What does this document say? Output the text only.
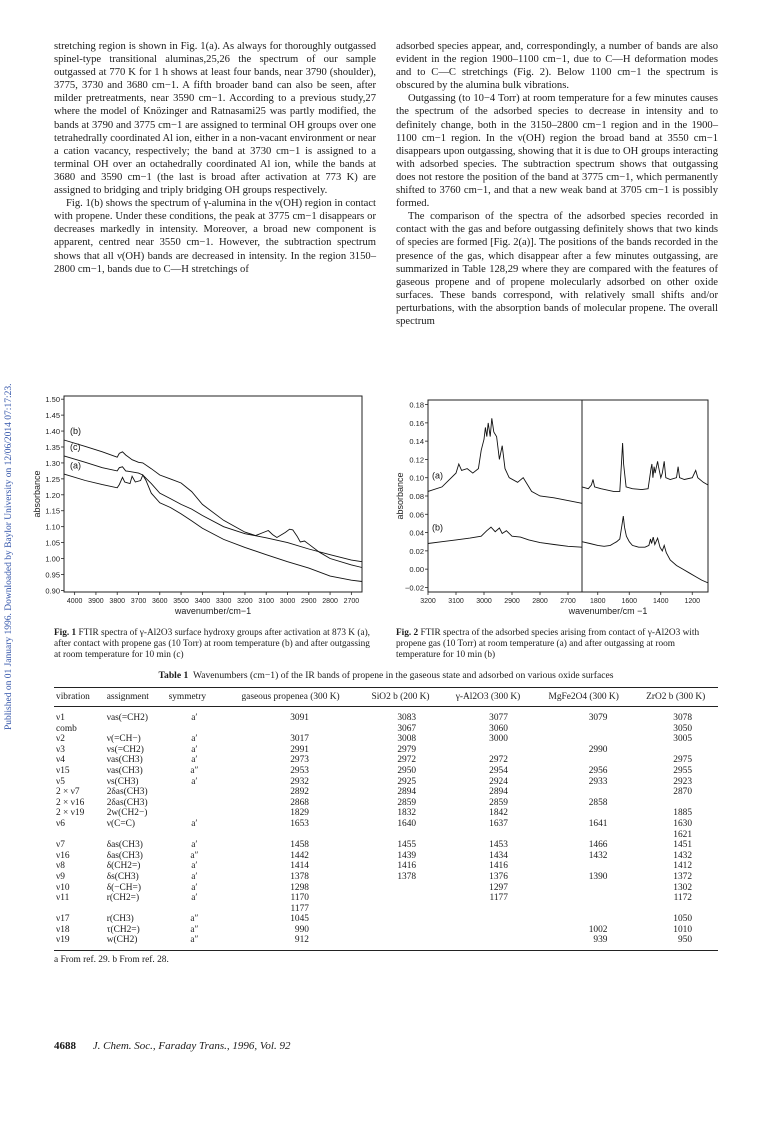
Published on 01 January 1996. Downloaded by Baylor University on 12/06/2014 07:17:23.

stretching region is shown in Fig. 1(a). As always for thoroughly outgassed spinel-type transitional aluminas,25,26 the spectrum of our sample outgassed at 770 K for 1 h shows at least four bands, near 3790 (shoulder), 3775, 3730 and 3680 cm−1. A fifth broader band can also be seen, after milder pretreatments, near 3590 cm−1. According to a previous study,27 where the model of Knözinger and Ratnasami25 was partly modified, the bands at 3790 and 3775 cm−1 are assigned to terminal OH groups over one tetrahedrally coordinated Al ion, either in a non-vacant environment or near a cation vacancy, respectively; the band at 3730 cm−1 is assigned to a terminal OH over an octahedrally coordinated Al ion, while the bands at 3680 and 3590 cm−1 (the last is broad after activation at 773 K) are assigned to bridging and triply bridging OH groups respectively.

Fig. 1(b) shows the spectrum of γ-alumina in the ν(OH) region in contact with propene. Under these conditions, the peak at 3775 cm−1 disappears or decreases markedly in intensity. Moreover, a broad new component is apparent, centred near 3550 cm−1. However, the subtraction spectrum shows that all ν(OH) bands are decreased in intensity. In the region 3150–2800 cm−1, bands due to C—H stretchings of

adsorbed species appear, and, correspondingly, a number of bands are also evident in the region 1900–1100 cm−1, due to C—H deformation modes and to C—C stretchings (Fig. 2). Below 1100 cm−1 the spectrum is obscured by the alumina bulk vibrations.

Outgassing (to 10−4 Torr) at room temperature for a few minutes causes the spectrum of the adsorbed species to decrease in intensity and to definitely change, both in the 3150–2800 cm−1 region and in the 1900–1100 cm−1 region. In the ν(OH) region the broad band at 3550 cm−1 disappears upon outgassing, showing that it is due to OH groups interacting with adsorbed species. The subtraction spectrum shows that outgassing does not restore the position of the band at 3775 cm−1, which permanently shifted to 3760 cm−1, and that a new weak band at 3705 cm−1 is possibly formed.

The comparison of the spectra of the adsorbed species recorded in contact with the gas and before outgassing definitely shows that two kinds of species are formed [Fig. 2(a)]. The positions of the bands recorded in the presence of the gas, which disappear after a few minutes outgassing, are summarized in Table 128,29 where they are compared with the features of gaseous propene and of propene molecularly adsorbed on other oxide surfaces. These bands correspond, with relatively small shifts and/or perturbations, with the absorption bands of molecular propene. The overall spectrum

0.90
0.95
1.00
1.05
1.10
1.15
1.20
1.25
1.30
1.35
1.40
1.45
1.50
4000 3900 3800 3700 3600 3500 3400 3300 3200 3100 3000 2900 2800 2700
wavenumber/cm−1
absorbance
(b)
(c)
(a)
−0.02
0.00
0.02
0.04
0.06
0.08
0.10
0.12
0.14
0.16
0.18
3200 3100 3000 2900 2800 2700 1800 1600 1400 1200
wavenumber/cm −1
absorbance	(a)
(b)
Fig. 1 FTIR spectra of γ-Al2O3 surface hydroxy groups after activation at 873 K (a), after contact with propene gas (10 Torr) at room temperature (b) and after outgassing at room temperature for 10 min (c)
Fig. 2 FTIR spectra of the adsorbed species arising from contact of γ-Al2O3 with propene gas (10 Torr) at room temperature (a) and after outgassing at room temperature for 10 min (b)
Table 1 Wavenumbers (cm−1) of the IR bands of propene in the gaseous state and adsorbed on various oxide surfaces
vibration	assignment	symmetry	gaseous propenea (300 K)	SiO2 b (200 K)	γ-Al2O3 (300 K)	MgFe2O4 (300 K)	ZrO2 b (300 K)
ν1	νas(=CH2)	a′	3091	3083	3077	3079	3078
comb				3067	3060		3050
ν2	ν(=CH−)	a′	3017	3008	3000		3005
ν3	νs(=CH2)	a′	2991	2979		2990	
ν4	νas(CH3)	a′	2973	2972	2972		2975
ν15	νas(CH3)	a″	2953	2950	2954	2956	2955
ν5	νs(CH3)	a′	2932	2925	2924	2933	2923
2 × ν7	2δas(CH3)		2892	2894	2894		2870
2 × ν16	2δas(CH3)		2868	2859	2859	2858	
2 × ν19	2w(CH2−)		1829	1832	1842		1885
ν6	ν(C=C)	a′	1653	1640	1637	1641	1630
							1621
ν7	δas(CH3)	a′	1458	1455	1453	1466	1451
ν16	δas(CH3)	a″	1442	1439	1434	1432	1432
ν8	δ(CH2=)	a′	1414	1416	1416		1412
ν9	δs(CH3)	a′	1378	1378	1376	1390	1372
ν10	δ(−CH=)	a′	1298		1297		1302
ν11	r(CH2=)	a′	1170		1177		1172
			1177				
ν17	r(CH3)	a″	1045				1050
ν18	τ(CH2=)	a″	990			1002	1010
ν19	w(CH2)	a″	912			939	950
a From ref. 29. b From ref. 28.
4688 J. Chem. Soc., Faraday Trans., 1996, Vol. 92
